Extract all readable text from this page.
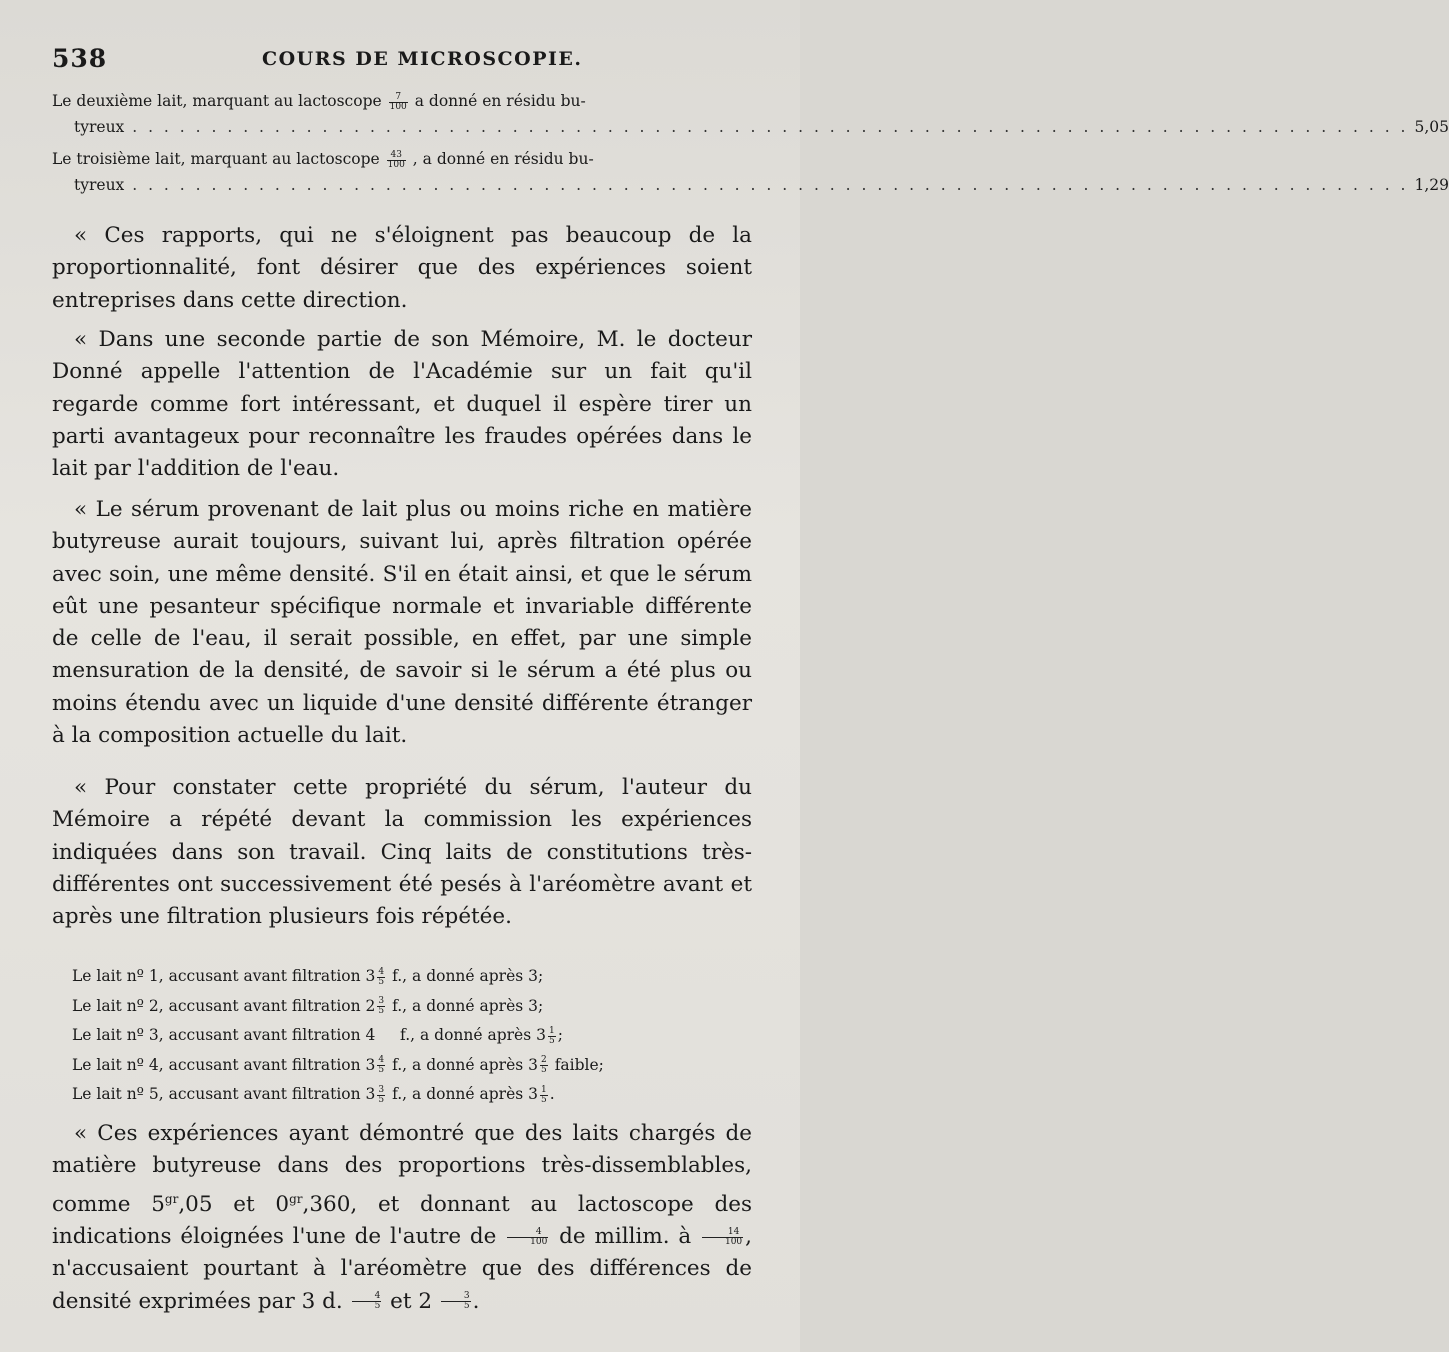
538	COURS DE MICROSCOPIE.
Le deuxième lait, marquant au lactoscope $\frac{7}{100}$ a donné en résidu bu-
tyreux . . . . . . . . . . . . . . . . . . . . . . . . . . . . . . . . . . . . . . . . . . . . . . . . . . . . . . . . . . . . . . . . . . . . . . . . . . . . . . . . . 5,05
Le troisième lait, marquant au lactoscope $\frac{43}{100}$ , a donné en résidu bu-
tyreux . . . . . . . . . . . . . . . . . . . . . . . . . . . . . . . . . . . . . . . . . . . . . . . . . . . . . . . . . . . . . . . . . . . . . . . . . . . . . . . . . 1,29

« Ces rapports, qui ne s'éloignent pas beaucoup de la proportionnalité, font désirer que des expériences soient entreprises dans cette direction.

« Dans une seconde partie de son Mémoire, M. le docteur Donné appelle l'attention de l'Académie sur un fait qu'il regarde comme fort intéressant, et duquel il espère tirer un parti avantageux pour reconnaître les fraudes opérées dans le lait par l'addition de l'eau.

« Le sérum provenant de lait plus ou moins riche en matière butyreuse aurait toujours, suivant lui, après filtration opérée avec soin, une même densité. S'il en était ainsi, et que le sérum eût une pesanteur spécifique normale et invariable différente de celle de l'eau, il serait possible, en effet, par une simple mensuration de la densité, de savoir si le sérum a été plus ou moins étendu avec un liquide d'une densité différente étranger à la composition actuelle du lait.

« Pour constater cette propriété du sérum, l'auteur du Mémoire a répété devant la commission les expériences indiquées dans son travail. Cinq laits de constitutions très-différentes ont successivement été pesés à l'aréomètre avant et après une filtration plusieurs fois répétée.

Le lait nº 1, accusant avant filtration $3 \frac{4}{5} f$., a donné après 3;
Le lait nº 2, accusant avant filtration $2 \frac{3}{5} f$., a donné après 3;
Le lait nº 3, accusant avant filtration 4 f., a donné après $3 \frac{1}{5}$ ;
Le lait nº 4, accusant avant filtration $3 \frac{4}{5} f$., a donné après $3 \frac{2}{5}$ faible;
Le lait nº 5, accusant avant filtration $3 \frac{3}{5} f$., a donné après $3 \frac{1}{5}$ .

« Ces expériences ayant démontré que des laits chargés de matière butyreuse dans des proportions très-dissemblables, comme $5^{gr},05$ et $0^{gr},360$, et donnant au lactoscope des indications éloignées l'une de l'autre de $\frac{4}{100}$ de millim. à $\frac{14}{100}$ , n'accusaient pourtant à l'aréomètre que des différences de densité exprimées par 3 d. $\frac{4}{5}$ et $2 \frac{3}{5}$ .
